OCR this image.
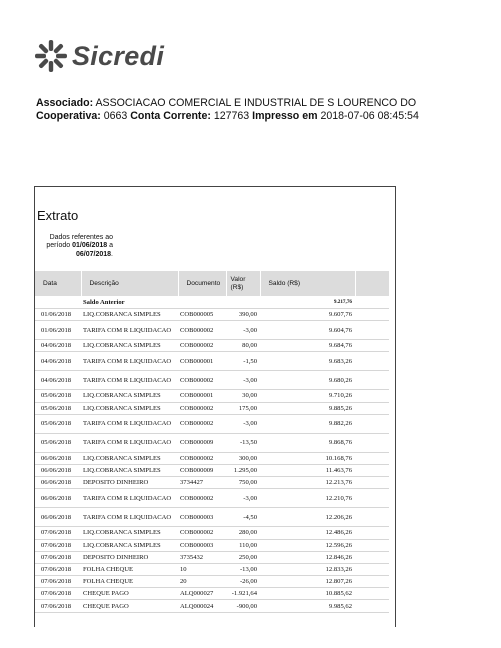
Sicredi
Associado: ASSOCIACAO COMERCIAL E INDUSTRIAL DE S LOURENCO DO
Cooperativa: 0663 Conta Corrente: 127763 Impresso em 2018-07-06 08:45:54
Extrato
Dados referentes ao período 01/06/2018 a 06/07/2018.
Data	Descrição	Documento	Valor (R$)	Saldo (R$)	
	Saldo Anterior			9.217,76	
01/06/2018	LIQ.COBRANCA SIMPLES	COB000005	390,00	9.607,76	
01/06/2018	TARIFA COM R LIQUIDACAO	COB000002	-3,00	9.604,76	
04/06/2018	LIQ.COBRANCA SIMPLES	COB000002	80,00	9.684,76	
04/06/2018	TARIFA COM R LIQUIDACAO	COB000001	-1,50	9.683,26	
04/06/2018	TARIFA COM R LIQUIDACAO	COB000002	-3,00	9.680,26	
05/06/2018	LIQ.COBRANCA SIMPLES	COB000001	30,00	9.710,26	
05/06/2018	LIQ.COBRANCA SIMPLES	COB000002	175,00	9.885,26	
05/06/2018	TARIFA COM R LIQUIDACAO	COB000002	-3,00	9.882,26	
05/06/2018	TARIFA COM R LIQUIDACAO	COB000009	-13,50	9.868,76	
06/06/2018	LIQ.COBRANCA SIMPLES	COB000002	300,00	10.168,76	
06/06/2018	LIQ.COBRANCA SIMPLES	COB000009	1.295,00	11.463,76	
06/06/2018	DEPOSITO DINHEIRO	3734427	750,00	12.213,76	
06/06/2018	TARIFA COM R LIQUIDACAO	COB000002	-3,00	12.210,76	
06/06/2018	TARIFA COM R LIQUIDACAO	COB000003	-4,50	12.206,26	
07/06/2018	LIQ.COBRANCA SIMPLES	COB000002	280,00	12.486,26	
07/06/2018	LIQ.COBRANCA SIMPLES	COB000003	110,00	12.596,26	
07/06/2018	DEPOSITO DINHEIRO	3735432	250,00	12.846,26	
07/06/2018	FOLHA CHEQUE	10	-13,00	12.833,26	
07/06/2018	FOLHA CHEQUE	20	-26,00	12.807,26	
07/06/2018	CHEQUE PAGO	ALQ000027	-1.921,64	10.885,62	
07/06/2018	CHEQUE PAGO	ALQ000024	-900,00	9.985,62	
